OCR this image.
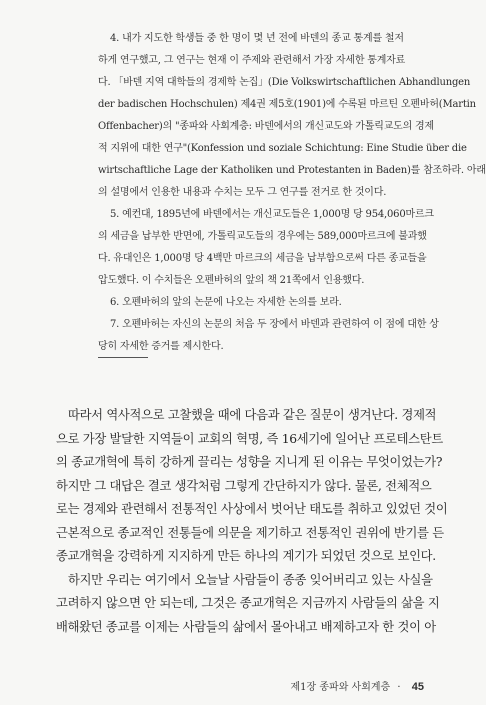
4. 내가 지도한 학생들 중 한 명이 몇 년 전에 바덴의 종교 통계를 철저
하게 연구했고, 그 연구는 현재 이 주제와 관련해서 가장 자세한 통계자료
다. 「바덴 지역 대학들의 경제학 논집」(Die Volkswirtschaftlichen Abhandlungen
der badischen Hochschulen) 제4권 제5호(1901)에 수록된 마르틴 오펜바허(Martin
Offenbacher)의 "종파와 사회계층: 바덴에서의 개신교도와 가톨릭교도의 경제
적 지위에 대한 연구"(Konfession und soziale Schichtung: Eine Studie über die
wirtschaftliche Lage der Katholiken und Protestanten in Baden)를 참조하라. 아래
의 설명에서 인용한 내용과 수치는 모두 그 연구를 전거로 한 것이다.
5. 예컨대, 1895년에 바덴에서는 개신교도들은 1,000명 당 954,060마르크
의 세금을 납부한 반면에, 가톨릭교도들의 경우에는 589,000마르크에 불과했
다. 유대인은 1,000명 당 4백만 마르크의 세금을 납부함으로써 다른 종교들을
압도했다. 이 수치들은 오펜바허의 앞의 책 21쪽에서 인용했다.
6. 오펜바허의 앞의 논문에 나오는 자세한 논의를 보라.
7. 오펜바허는 자신의 논문의 처음 두 장에서 바덴과 관련하여 이 점에 대한 상
당히 자세한 증거를 제시한다.
따라서 역사적으로 고찰했을 때에 다음과 같은 질문이 생겨난다. 경제적
으로 가장 발달한 지역들이 교회의 혁명, 즉 16세기에 일어난 프로테스탄트
의 종교개혁에 특히 강하게 끌리는 성향을 지니게 된 이유는 무엇이었는가?
하지만 그 대답은 결코 생각처럼 그렇게 간단하지가 않다. 물론, 전체적으
로는 경제와 관련해서 전통적인 사상에서 벗어난 태도를 취하고 있었던 것이
근본적으로 종교적인 전통들에 의문을 제기하고 전통적인 권위에 반기를 든
종교개혁을 강력하게 지지하게 만든 하나의 계기가 되었던 것으로 보인다.
하지만 우리는 여기에서 오늘날 사람들이 종종 잊어버리고 있는 사실을
고려하지 않으면 안 되는데, 그것은 종교개혁은 지금까지 사람들의 삶을 지
배해왔던 종교를 이제는 사람들의 삶에서 몰아내고 배제하고자 한 것이 아
제1장 종파와 사회계층 · 45
